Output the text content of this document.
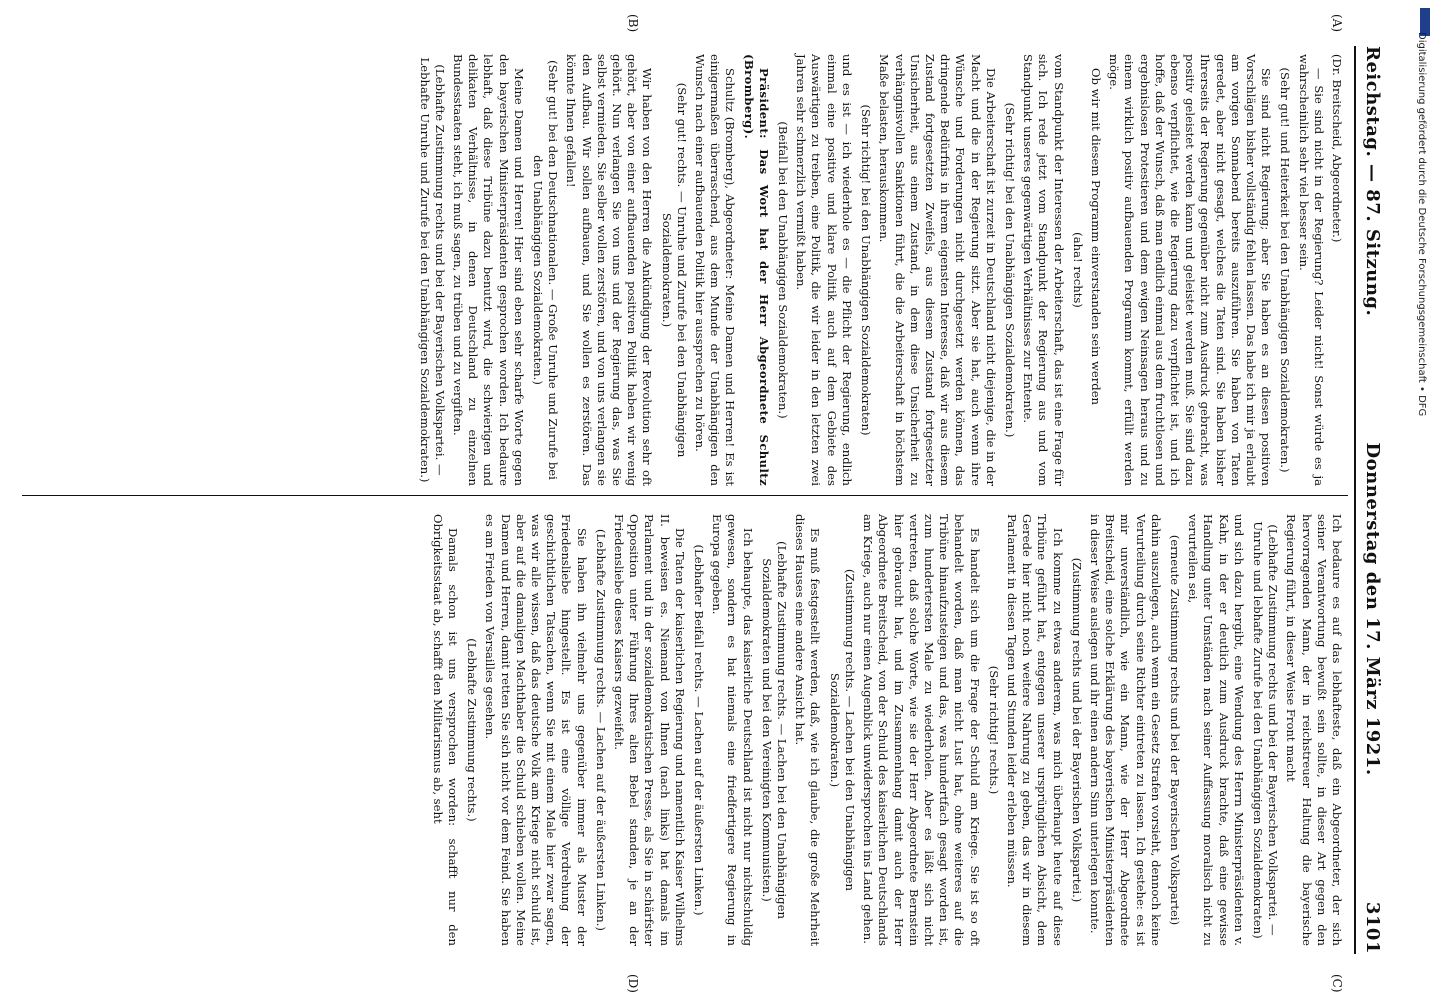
Reichstag. — 87. Sitzung.
Donnerstag den 17. März 1921.
3101
(A)
(B)
(C)
(D)

(Dr. Breitscheid, Abgeordneter.)

— Sie sind nicht in der Regierung? Leider nicht! Sonst würde es ja wahrscheinlich sehr viel besser sein.

(Sehr gut! und Heiterkeit bei den Unabhängigen Sozialdemokraten.)

Sie sind nicht Regierung; aber Sie haben es an diesen positiven Vorschlägen bisher vollständig fehlen lassen. Das habe ich mir ja erlaubt am vorigen Sonnabend bereits auszuführen. Sie haben von Taten geredet, aber nicht gesagt, welches die Taten sind. Sie haben bisher Ihrerseits der Regierung gegenüber nicht zum Ausdruck gebracht, was positiv geleistet werden kann und geleistet werden muß. Sie sind dazu ebenso verpflichtet, wie die Regierung dazu verpflichtet ist, und ich hoffe, daß der Wunsch, daß man endlich einmal aus dem fruchtlosen und ergebnislosen Protestieren und dem ewigen Neinsagen heraus und zu einem wirklich positiv aufbauenden Programm kommt, erfüllt werden möge.

Ob wir mit diesem Programm einverstanden sein werden

(aha! rechts)

vom Standpunkt der Interessen der Arbeiterschaft, das ist eine Frage für sich. Ich rede jetzt vom Standpunkt der Regierung aus und vom Standpunkt unseres gegenwärtigen Verhältnisses zur Entente.

(Sehr richtig! bei den Unabhängigen Sozialdemokraten.)

Die Arbeiterschaft ist zurzeit in Deutschland nicht diejenige, die in der Macht und die in der Regierung sitzt. Aber sie hat, auch wenn ihre Wünsche und Forderungen nicht durchgesetzt werden können, das dringende Bedürfnis in ihrem eigensten Interesse, daß wir aus diesem Zustand fortgesetzten Zweifels, aus diesem Zustand fortgesetzter Unsicherheit, aus einem Zustand, in dem diese Unsicherheit zu verhängnisvollen Sanktionen führt, die die Arbeiterschaft in höchstem Maße belasten, herauskommen.

(Sehr richtig! bei den Unabhängigen Sozialdemokraten)

und es ist — ich wiederhole es — die Pflicht der Regierung, endlich einmal eine positive und klare Politik auch auf dem Gebiete des Auswärtigen zu treiben, eine Politik, die wir leider in den letzten zwei Jahren sehr schmerzlich vermißt haben.

(Beifall bei den Unabhängigen Sozialdemokraten.)

Präsident: Das Wort hat der Herr Abgeordnete Schultz (Bromberg).

Schultz (Bromberg), Abgeordneter: Meine Damen und Herren! Es ist einigermaßen überraschend, aus dem Munde der Unabhängigen den Wunsch nach einer aufbauenden Politik hier aussprechen zu hören.

(Sehr gut! rechts. — Unruhe und Zurufe bei den Unabhängigen Sozialdemokraten.)

Wir haben von den Herren die Ankündigung der Revolution sehr oft gehört, aber von einer aufbauenden positiven Politik haben wir wenig gehört. Nun verlangen Sie von uns und der Regierung das, was Sie selbst vermieden. Sie selber wollen zerstören, und von uns verlangen sie den Aufbau. Wir sollen aufbauen, und Sie wollen es zerstören. Das könnte Ihnen gefallen!

(Sehr gut! bei den Deutschnationalen. — Große Unruhe und Zurufe bei den Unabhängigen Sozialdemokraten.)

Meine Damen und Herren! Hier sind eben sehr scharfe Worte gegen den bayerischen Ministerpräsidenten gesprochen worden. Ich bedaure lebhaft, daß diese Tribüne dazu benutzt wird, die schwierigen und delikaten Verhältnisse, in denen Deutschland zu einzelnen Bundesstaaten steht, ich muß sagen, zu trüben und zu vergiften.

(Lebhafte Zustimmung rechts und bei der Bayerischen Volkspartei. — Lebhafte Unruhe und Zurufe bei den Unabhängigen Sozialdemokraten.)

Ich bedaure es auf das lebhafteste, daß ein Abgeordneter, der sich seiner Verantwortung bewußt sein sollte, in dieser Art gegen den hervorragenden Mann, der in reichstreuer Haltung die bayerische Regierung führt, in dieser Weise Front macht

(Lebhafte Zustimmung rechts und bei der Bayerischen Volkspartei. — Unruhe und lebhafte Zurufe bei den Unabhängigen Sozialdemokraten)

und sich dazu hergibt, eine Wendung des Herrn Ministerpräsidenten v. Kahr, in der er deutlich zum Ausdruck brachte, daß eine gewisse Handlung unter Umständen nach seiner Auffassung moralisch nicht zu verurteilen sei,

(erneute Zustimmung rechts und bei der Bayerischen Volkspartei)

dahin auszulegen, auch wenn ein Gesetz Strafen vorsieht, dennoch keine Verurteilung durch seine Richter eintreten zu lassen. Ich gestehe: es ist mir unverständlich, wie ein Mann, wie der Herr Abgeordnete Breitscheid, eine solche Erklärung des bayerischen Ministerpräsidenten in dieser Weise auslegen und ihr einen andern Sinn unterlegen konnte.

(Zustimmung rechts und bei der Bayerischen Volkspartei.)

Ich komme zu etwas anderem, was mich überhaupt heute auf diese Tribüne geführt hat, entgegen unserer ursprünglichen Absicht, dem Gerede hier nicht noch weitere Nahrung zu geben, das wir in diesem Parlament in diesen Tagen und Stunden leider erleben müssen.

(Sehr richtig! rechts.)

Es handelt sich um die Frage der Schuld am Kriege. Sie ist so oft behandelt worden, daß man nicht Lust hat, ohne weiteres auf die Tribüne hinaufzusteigen und das, was hundertfach gesagt worden ist, zum hundertersten Male zu wiederholen. Aber es läßt sich nicht vertreten, daß solche Worte, wie sie der Herr Abgeordnete Bernstein hier gebraucht hat, und im Zusammenhang damit auch der Herr Abgeordnete Breitscheid, von der Schuld des kaiserlichen Deutschlands am Kriege, auch nur einen Augenblick unwidersprochen ins Land gehen.

(Zustimmung rechts. — Lachen bei den Unabhängigen Sozialdemokraten.)

Es muß festgestellt werden, daß, wie ich glaube, die große Mehrheit dieses Hauses eine andere Ansicht hat.

(Lebhafte Zustimmung rechts. — Lachen bei den Unabhängigen Sozialdemokraten und bei den Vereinigten Kommunisten.)

Ich behaupte, das kaiserliche Deutschland ist nicht nur nichtschuldig gewesen, sondern es hat niemals eine friedfertigere Regierung in Europa gegeben.

(Lebhafter Beifall rechts. — Lachen auf der äußersten Linken.)

Die Taten der kaiserlichen Regierung und namentlich Kaiser Wilhelms II. beweisen es. Niemand von Ihnen (nach links) hat damals im Parlament und in der sozialdemokratischen Presse, als Sie in schärfster Opposition unter Führung Ihres alten Bebel standen, je an der Friedensliebe dieses Kaisers gezweifelt.

(Lebhafte Zustimmung rechts. — Lachen auf der äußersten Linken.)

Sie haben ihn vielmehr uns gegenüber immer als Muster der Friedensliebe hingestellt. Es ist eine völlige Verdrehung der geschichtlichen Tatsachen, wenn Sie mit einem Male hier zwar sagen, was wir alle wissen, daß das deutsche Volk am Kriege nicht schuld ist, aber auf die damaligen Machthaber die Schuld schieben wollen. Meine Damen und Herren, damit retten Sie sich nicht vor dem Feind. Sie haben es am Frieden von Versailles gesehen.

(Lebhafte Zustimmung rechts.)

Damals schon ist uns versprochen worden: schafft nur den Obrigkeitsstaat ab, schafft den Militarismus ab, seht

Digitalisierung gefördert durch die Deutsche Forschungsgemeinschaft • DFG
